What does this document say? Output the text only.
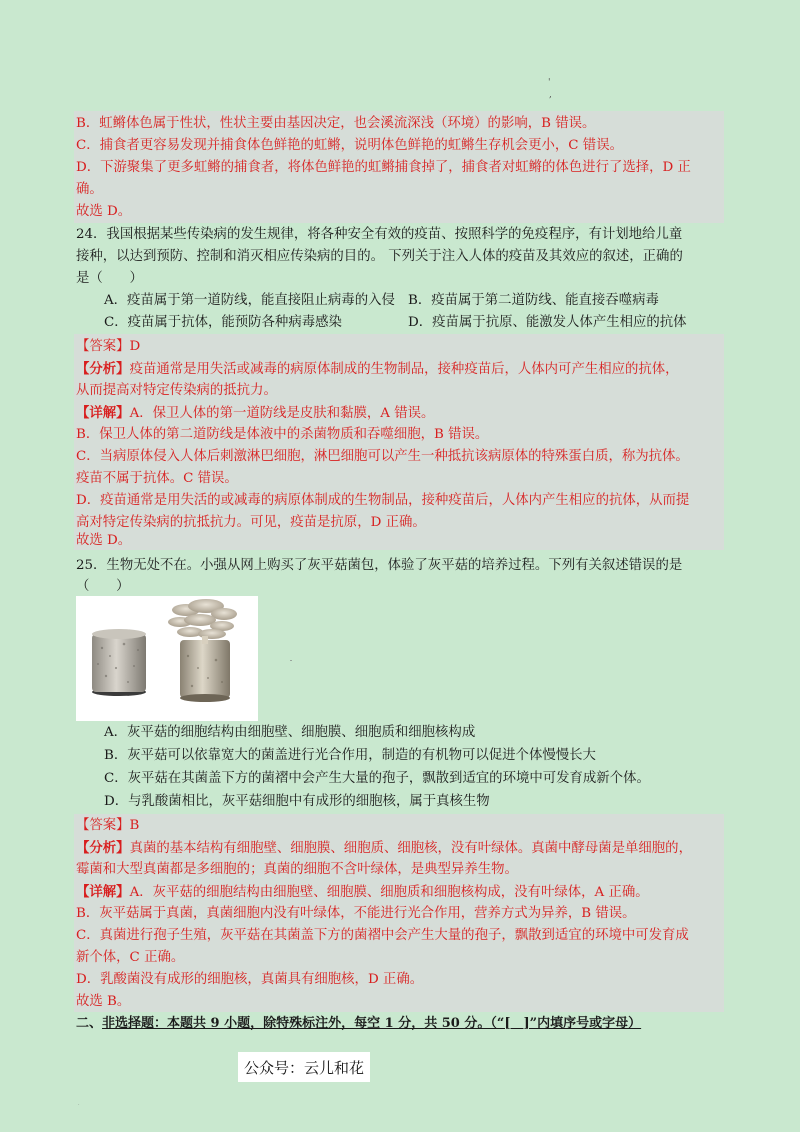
'
,
B．虹鳉体色属于性状，性状主要由基因决定，也会溪流深浅（环境）的影响，B 错误。
C．捕食者更容易发现并捕食体色鲜艳的虹鳉，说明体色鲜艳的虹鳉生存机会更小，C 错误。
D．下游聚集了更多虹鳉的捕食者，将体色鲜艳的虹鳉捕食掉了，捕食者对虹鳉的体色进行了选择，D 正
确。
故选 D。
24．我国根据某些传染病的发生规律，将各种安全有效的疫苗、按照科学的免疫程序，有计划地给儿童
接种，以达到预防、控制和消灭相应传染病的目的。 下列关于注入人体的疫苗及其效应的叙述，正确的
是（　　）
A．疫苗属于第一道防线，能直接阻止病毒的入侵 B．疫苗属于第二道防线、能直接吞噬病毒
C．疫苗属于抗体，能预防各种病毒感染	D．疫苗属于抗原、能激发人体产生相应的抗体
【答案】D
【分析】疫苗通常是用失活或减毒的病原体制成的生物制品，接种疫苗后，人体内可产生相应的抗体，
从而提高对特定传染病的抵抗力。
【详解】A．保卫人体的第一道防线是皮肤和黏膜，A 错误。
B．保卫人体的第二道防线是体液中的杀菌物质和吞噬细胞，B 错误。
C．当病原体侵入人体后刺激淋巴细胞，淋巴细胞可以产生一种抵抗该病原体的特殊蛋白质，称为抗体。
疫苗不属于抗体。C 错误。
D．疫苗通常是用失活的或减毒的病原体制成的生物制品，接种疫苗后，人体内产生相应的抗体，从而提
高对特定传染病的抗抵抗力。可见，疫苗是抗原，D 正确。
故选 D。
25．生物无处不在。小强从网上购买了灰平菇菌包，体验了灰平菇的培养过程。下列有关叙述错误的是
（　　）
A．灰平菇的细胞结构由细胞壁、细胞膜、细胞质和细胞核构成
B．灰平菇可以依靠宽大的菌盖进行光合作用，制造的有机物可以促进个体慢慢长大
C．灰平菇在其菌盖下方的菌褶中会产生大量的孢子，飘散到适宜的环境中可发育成新个体。
D．与乳酸菌相比，灰平菇细胞中有成形的细胞核，属于真核生物
【答案】B
【分析】真菌的基本结构有细胞壁、细胞膜、细胞质、细胞核，没有叶绿体。真菌中酵母菌是单细胞的，
霉菌和大型真菌都是多细胞的；真菌的细胞不含叶绿体，是典型异养生物。
【详解】A．灰平菇的细胞结构由细胞壁、细胞膜、细胞质和细胞核构成，没有叶绿体，A 正确。
B．灰平菇属于真菌，真菌细胞内没有叶绿体，不能进行光合作用，营养方式为异养，B 错误。
C．真菌进行孢子生殖，灰平菇在其菌盖下方的菌褶中会产生大量的孢子，飘散到适宜的环境中可发育成
新个体，C 正确。
D．乳酸菌没有成形的细胞核，真菌具有细胞核，D 正确。
故选 B。
二、非选择题：本题共 9 小题，除特殊标注外，每空 1 分，共 50 分。（“[　]”内填序号或字母）
公众号：云儿和花
·
